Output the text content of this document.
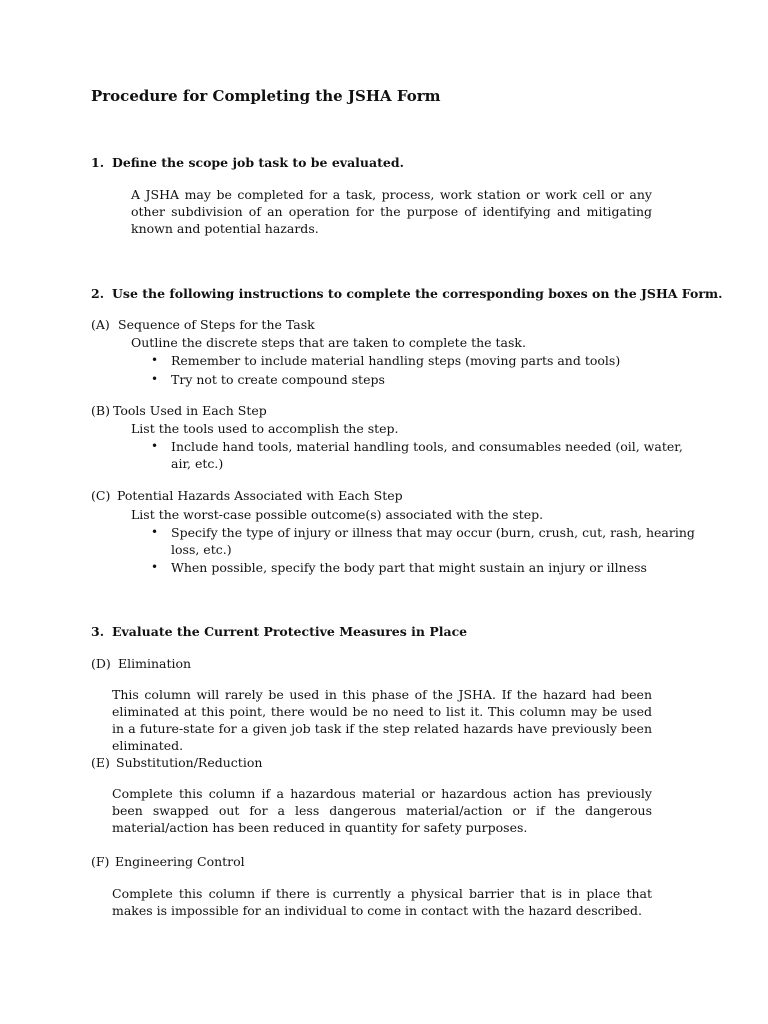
Procedure for Completing the JSHA Form
1. Define the scope job task to be evaluated.
A JSHA may be completed for a task, process, work station or work cell or any other subdivision of an operation for the purpose of identifying and mitigating known and potential hazards.
2. Use the following instructions to complete the corresponding boxes on the JSHA Form.
(A) Sequence of Steps for the Task
Outline the discrete steps that are taken to complete the task.
• Remember to include material handling steps (moving parts and tools)
• Try not to create compound steps
(B) Tools Used in Each Step
List the tools used to accomplish the step.
• Include hand tools, material handling tools, and consumables needed (oil, water,
air, etc.)
(C) Potential Hazards Associated with Each Step
List the worst-case possible outcome(s) associated with the step.
• Specify the type of injury or illness that may occur (burn, crush, cut, rash, hearing
loss, etc.)
• When possible, specify the body part that might sustain an injury or illness
3. Evaluate the Current Protective Measures in Place
(D) Elimination
This column will rarely be used in this phase of the JSHA. If the hazard had been eliminated at this point, there would be no need to list it. This column may be used in a future-state for a given job task if the step related hazards have previously been eliminated.
(E) Substitution/Reduction
Complete this column if a hazardous material or hazardous action has previously been swapped out for a less dangerous material/action or if the dangerous material/action has been reduced in quantity for safety purposes.
(F) Engineering Control
Complete this column if there is currently a physical barrier that is in place that makes is impossible for an individual to come in contact with the hazard described.
